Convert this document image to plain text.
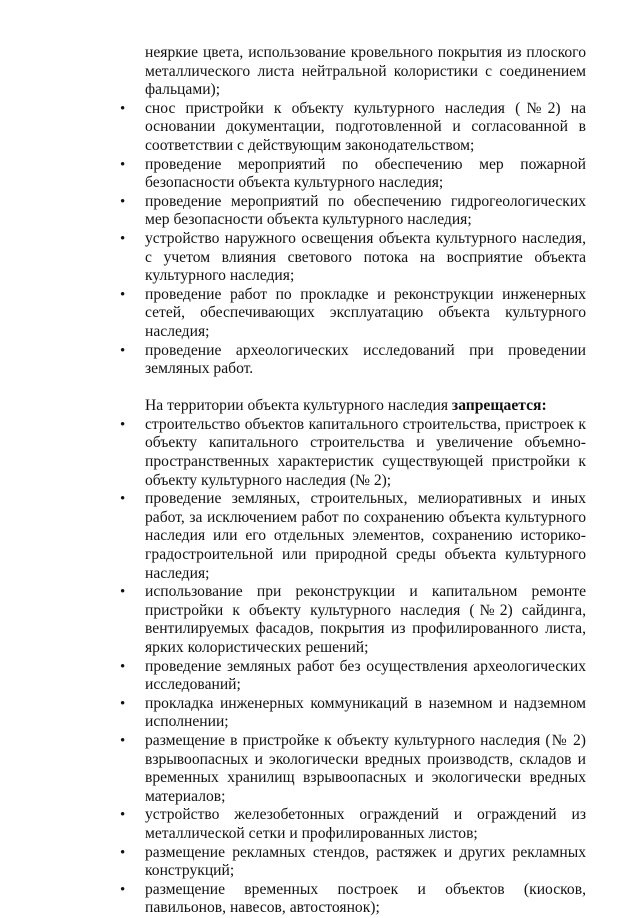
неяркие цвета, использование кровельного покрытия из плоского металлического листа нейтральной колористики с соединением фальцами);

•	снос пристройки к объекту культурного наследия (№2) на основании документации, подготовленной и согласованной в соответствии с действующим законодательством;

•	проведение мероприятий по обеспечению мер пожарной безопасности объекта культурного наследия;

•	проведение мероприятий по обеспечению гидрогеологических мер безопасности объекта культурного наследия;

•	устройство наружного освещения объекта культурного наследия, с учетом влияния светового потока на восприятие объекта культурного наследия;

•	проведение работ по прокладке и реконструкции инженерных сетей, обеспечивающих эксплуатацию объекта культурного наследия;

•	проведение археологических исследований при проведении земляных работ.

На территории объекта культурного наследия запрещается:

•	строительство объектов капитального строительства, пристроек к объекту капитального строительства и увеличение объемно-пространственных характеристик существующей пристройки к объекту культурного наследия (№ 2);

•	проведение земляных, строительных, мелиоративных и иных работ, за исключением работ по сохранению объекта культурного наследия или его отдельных элементов, сохранению историко-градостроительной или природной среды объекта культурного наследия;

•	использование при реконструкции и капитальном ремонте пристройки к объекту культурного наследия (№2) сайдинга, вентилируемых фасадов, покрытия из профилированного листа, ярких колористических решений;

•	проведение земляных работ без осуществления археологических исследований;

•	прокладка инженерных коммуникаций в наземном и надземном исполнении;

•	размещение в пристройке к объекту культурного наследия (№ 2) взрывоопасных и экологически вредных производств, складов и временных хранилищ взрывоопасных и экологически вредных материалов;

•	устройство железобетонных ограждений и ограждений из металлической сетки и профилированных листов;

•	размещение рекламных стендов, растяжек и других рекламных конструкций;

•	размещение временных построек и объектов (киосков, павильонов, навесов, автостоянок);
